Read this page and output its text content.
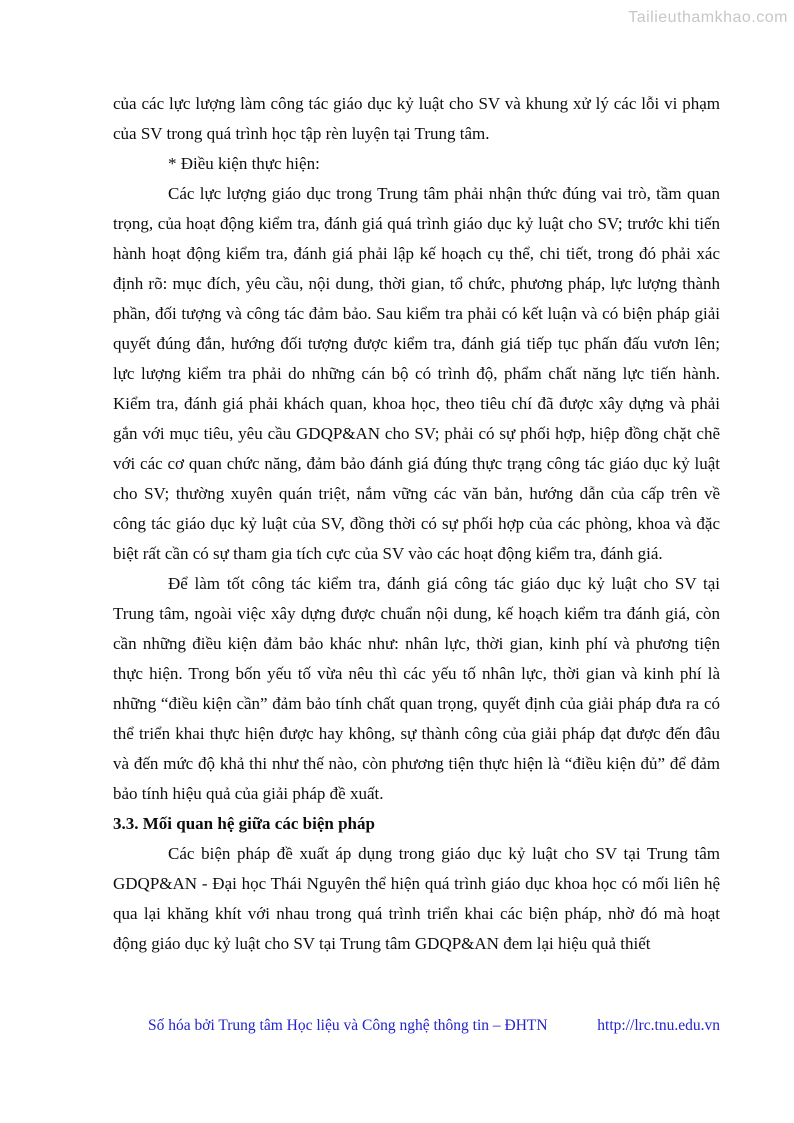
Tailieuthamkhao.com

của các lực lượng làm công tác giáo dục kỷ luật cho SV và khung xử lý các lỗi vi phạm của SV trong quá trình học tập rèn luyện tại Trung tâm.

* Điều kiện thực hiện:

Các lực lượng giáo dục trong Trung tâm phải nhận thức đúng vai trò, tầm quan trọng, của hoạt động kiểm tra, đánh giá quá trình giáo dục kỷ luật cho SV; trước khi tiến hành hoạt động kiểm tra, đánh giá phải lập kế hoạch cụ thể, chi tiết, trong đó phải xác định rõ: mục đích, yêu cầu, nội dung, thời gian, tổ chức, phương pháp, lực lượng thành phần, đối tượng và công tác đảm bảo. Sau kiểm tra phải có kết luận và có biện pháp giải quyết đúng đắn, hướng đối tượng được kiểm tra, đánh giá tiếp tục phấn đấu vươn lên; lực lượng kiểm tra phải do những cán bộ có trình độ, phẩm chất năng lực tiến hành. Kiểm tra, đánh giá phải khách quan, khoa học, theo tiêu chí đã được xây dựng và phải gắn với mục tiêu, yêu cầu GDQP&AN cho SV; phải có sự phối hợp, hiệp đồng chặt chẽ với các cơ quan chức năng, đảm bảo đánh giá đúng thực trạng công tác giáo dục kỷ luật cho SV; thường xuyên quán triệt, nắm vững các văn bản, hướng dẫn của cấp trên về công tác giáo dục kỷ luật của SV, đồng thời có sự phối hợp của các phòng, khoa và đặc biệt rất cần có sự tham gia tích cực của SV vào các hoạt động kiểm tra, đánh giá.

Để làm tốt công tác kiểm tra, đánh giá công tác giáo dục kỷ luật cho SV tại Trung tâm, ngoài việc xây dựng được chuẩn nội dung, kế hoạch kiểm tra đánh giá, còn cần những điều kiện đảm bảo khác như: nhân lực, thời gian, kinh phí và phương tiện thực hiện. Trong bốn yếu tố vừa nêu thì các yếu tố nhân lực, thời gian và kinh phí là những “điều kiện cần” đảm bảo tính chất quan trọng, quyết định của giải pháp đưa ra có thể triển khai thực hiện được hay không, sự thành công của giải pháp đạt được đến đâu và đến mức độ khả thi như thế nào, còn phương tiện thực hiện là “điều kiện đủ” để đảm bảo tính hiệu quả của giải pháp đề xuất.

3.3. Mối quan hệ giữa các biện pháp

Các biện pháp đề xuất áp dụng trong giáo dục kỷ luật cho SV tại Trung tâm GDQP&AN - Đại học Thái Nguyên thể hiện quá trình giáo dục khoa học có mối liên hệ qua lại khăng khít với nhau trong quá trình triển khai các biện pháp, nhờ đó mà hoạt động giáo dục kỷ luật cho SV tại Trung tâm GDQP&AN đem lại hiệu quả thiết

Số hóa bởi Trung tâm Học liệu và Công nghệ thông tin – ĐHTN	http://lrc.tnu.edu.vn
